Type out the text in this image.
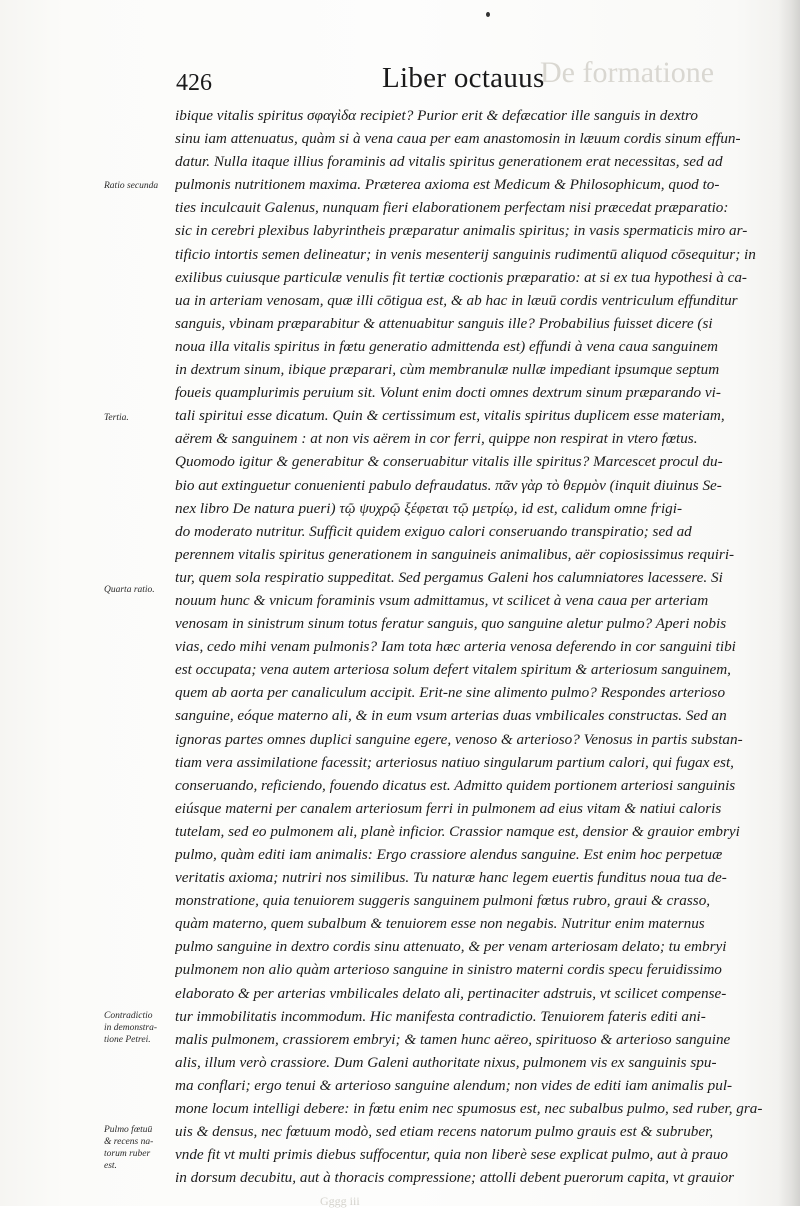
De formatione
426	Liber octauus
Ratio secunda
Tertia.
Quarta ratio.
Contradictio
in demonstra-
tione Petrei.
Pulmo fœtuū
& recens na-
torum ruber
est.
ibique vitalis spiritus σφαγὶδα recipiet? Purior erit & defæcatior ille sanguis in dextro
sinu iam attenuatus, quàm si à vena caua per eam anastomosin in læuum cordis sinum effun-
datur. Nulla itaque illius foraminis ad vitalis spiritus generationem erat necessitas, sed ad
pulmonis nutritionem maxima. Præterea axioma est Medicum & Philosophicum, quod to-
ties inculcauit Galenus, nunquam fieri elaborationem perfectam nisi præcedat præparatio:
sic in cerebri plexibus labyrintheis præparatur animalis spiritus; in vasis spermaticis miro ar-
tificio intortis semen delineatur; in venis mesenterij sanguinis rudimentū aliquod cōsequitur; in
exilibus cuiusque particulæ venulis fit tertiæ coctionis præparatio: at si ex tua hypothesi à ca-
ua in arteriam venosam, quæ illi cōtigua est, & ab hac in læuū cordis ventriculum effunditur
sanguis, vbinam præparabitur & attenuabitur sanguis ille? Probabilius fuisset dicere (si
noua illa vitalis spiritus in fœtu generatio admittenda est) effundi à vena caua sanguinem
in dextrum sinum, ibique præparari, cùm membranulæ nullæ impediant ipsumque septum
foueis quamplurimis peruium sit. Volunt enim docti omnes dextrum sinum præparando vi-
tali spiritui esse dicatum. Quin & certissimum est, vitalis spiritus duplicem esse materiam,
aërem & sanguinem : at non vis aërem in cor ferri, quippe non respirat in vtero fœtus.
Quomodo igitur & generabitur & conseruabitur vitalis ille spiritus? Marcescet procul du-
bio aut extinguetur conuenienti pabulo defraudatus. πᾶν γὰρ τὸ θερμὸν (inquit diuinus Se-
nex libro De natura pueri) τῷ ψυχρῷ ξέφεται τῷ μετρίῳ, id est, calidum omne frigi-
do moderato nutritur. Sufficit quidem exiguo calori conseruando transpiratio; sed ad
perennem vitalis spiritus generationem in sanguineis animalibus, aër copiosissimus requiri-
tur, quem sola respiratio suppeditat. Sed pergamus Galeni hos calumniatores lacessere. Si
nouum hunc & vnicum foraminis vsum admittamus, vt scilicet à vena caua per arteriam
venosam in sinistrum sinum totus feratur sanguis, quo sanguine aletur pulmo? Aperi nobis
vias, cedo mihi venam pulmonis? Iam tota hæc arteria venosa deferendo in cor sanguini tibi
est occupata; vena autem arteriosa solum defert vitalem spiritum & arteriosum sanguinem,
quem ab aorta per canaliculum accipit. Erit-ne sine alimento pulmo? Respondes arterioso
sanguine, eóque materno ali, & in eum vsum arterias duas vmbilicales constructas. Sed an
ignoras partes omnes duplici sanguine egere, venoso & arterioso? Venosus in partis substan-
tiam vera assimilatione facessit; arteriosus natiuo singularum partium calori, qui fugax est,
conseruando, reficiendo, fouendo dicatus est. Admitto quidem portionem arteriosi sanguinis
eiúsque materni per canalem arteriosum ferri in pulmonem ad eius vitam & natiui caloris
tutelam, sed eo pulmonem ali, planè inficior. Crassior namque est, densior & grauior embryi
pulmo, quàm editi iam animalis: Ergo crassiore alendus sanguine. Est enim hoc perpetuæ
veritatis axioma; nutriri nos similibus. Tu naturæ hanc legem euertis funditus noua tua de-
monstratione, quia tenuiorem suggeris sanguinem pulmoni fœtus rubro, graui & crasso,
quàm materno, quem subalbum & tenuiorem esse non negabis. Nutritur enim maternus
pulmo sanguine in dextro cordis sinu attenuato, & per venam arteriosam delato; tu embryi
pulmonem non alio quàm arterioso sanguine in sinistro materni cordis specu feruidissimo
elaborato & per arterias vmbilicales delato ali, pertinaciter adstruis, vt scilicet compense-
tur immobilitatis incommodum. Hic manifesta contradictio. Tenuiorem fateris editi ani-
malis pulmonem, crassiorem embryi; & tamen hunc aëreo, spirituoso & arterioso sanguine
alis, illum verò crassiore. Dum Galeni authoritate nixus, pulmonem vis ex sanguinis spu-
ma conflari; ergo tenui & arterioso sanguine alendum; non vides de editi iam animalis pul-
mone locum intelligi debere: in fœtu enim nec spumosus est, nec subalbus pulmo, sed ruber, gra-
uis & densus, nec fœtuum modò, sed etiam recens natorum pulmo grauis est & subruber,
vnde fit vt multi primis diebus suffocentur, quia non liberè sese explicat pulmo, aut à prauo
in dorsum decubitu, aut à thoracis compressione; attolli debent puerorum capita, vt grauior
Gggg iii
